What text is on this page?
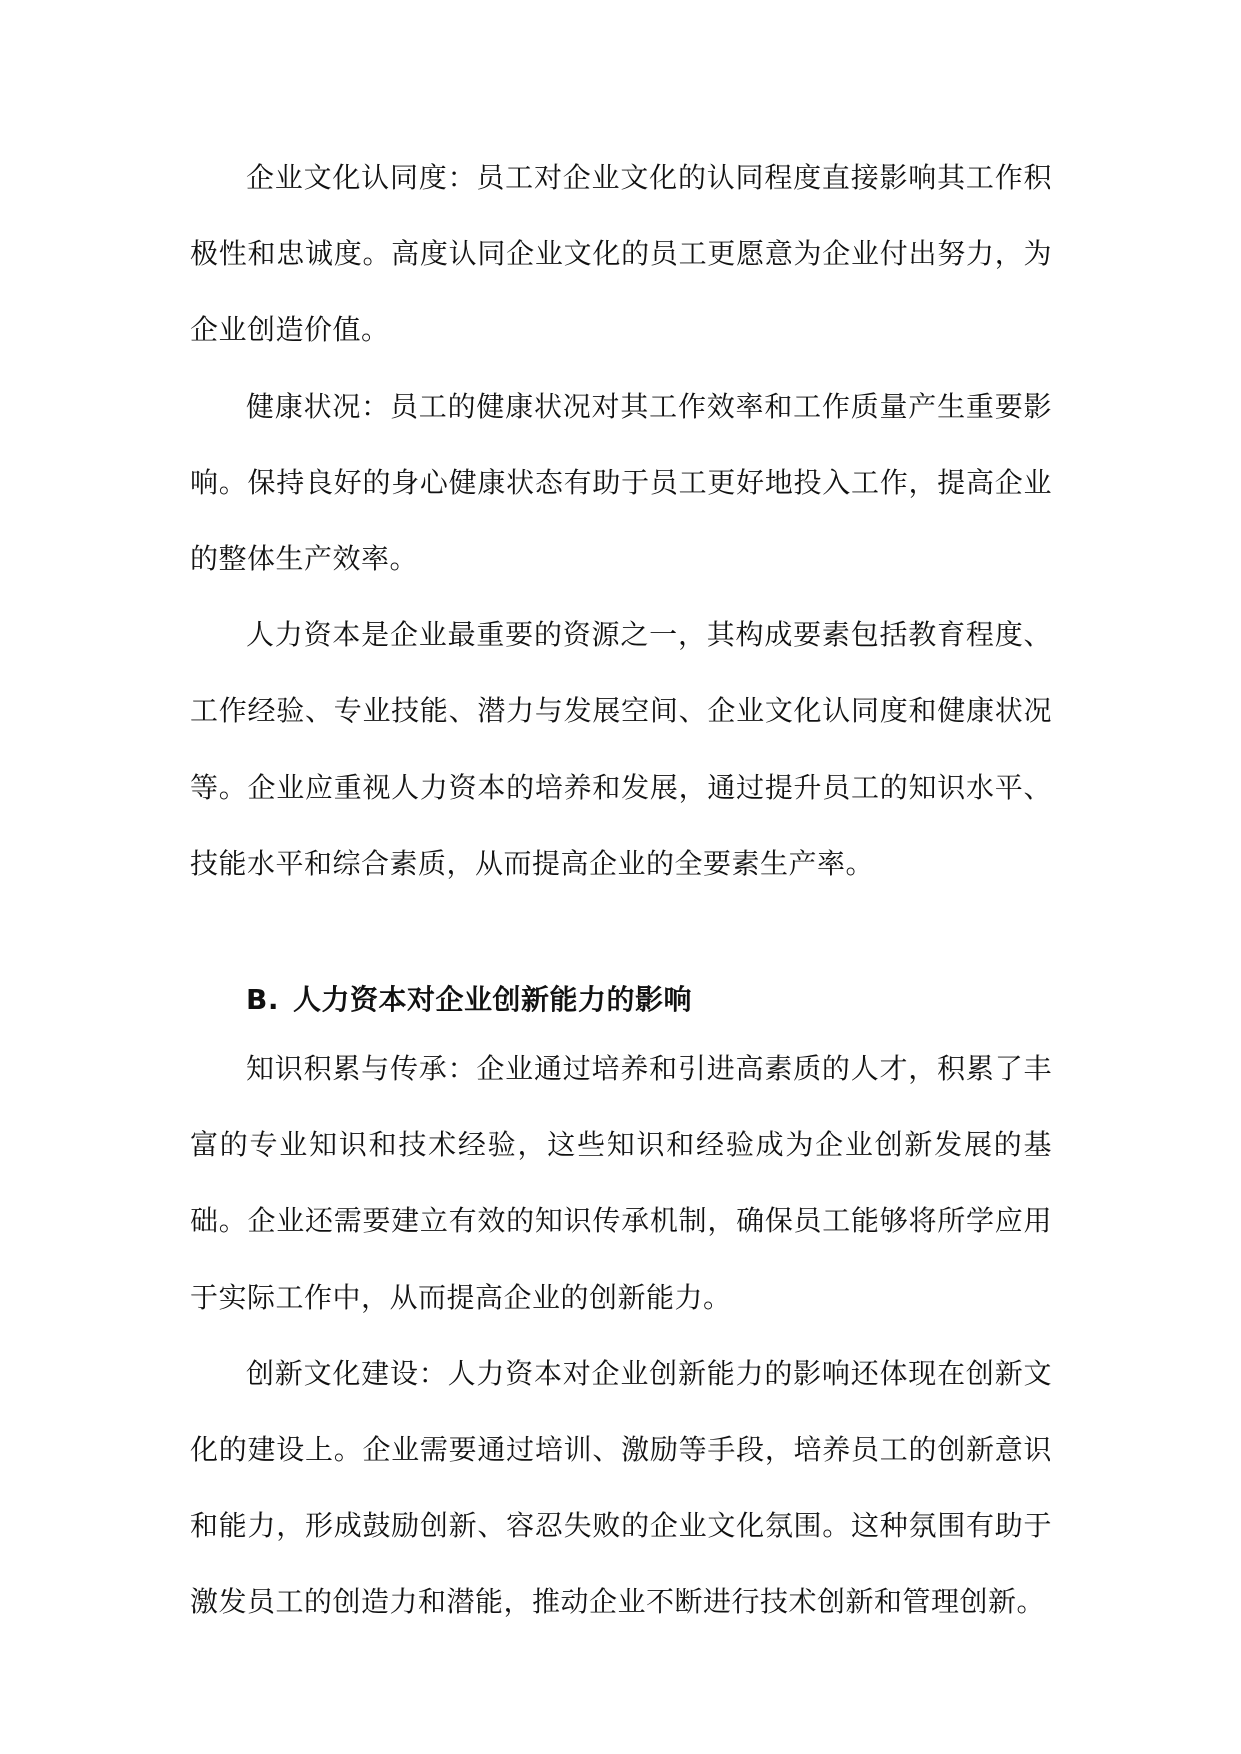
企业文化认同度：员工对企业文化的认同程度直接影响其工作积极性和忠诚度。高度认同企业文化的员工更愿意为企业付出努力，为企业创造价值。

健康状况：员工的健康状况对其工作效率和工作质量产生重要影响。保持良好的身心健康状态有助于员工更好地投入工作，提高企业的整体生产效率。

人力资本是企业最重要的资源之一，其构成要素包括教育程度、工作经验、专业技能、潜力与发展空间、企业文化认同度和健康状况等。企业应重视人力资本的培养和发展，通过提升员工的知识水平、技能水平和综合素质，从而提高企业的全要素生产率。

B. 人力资本对企业创新能力的影响

知识积累与传承：企业通过培养和引进高素质的人才，积累了丰富的专业知识和技术经验，这些知识和经验成为企业创新发展的基础。企业还需要建立有效的知识传承机制，确保员工能够将所学应用于实际工作中，从而提高企业的创新能力。

创新文化建设：人力资本对企业创新能力的影响还体现在创新文化的建设上。企业需要通过培训、激励等手段，培养员工的创新意识和能力，形成鼓励创新、容忍失败的企业文化氛围。这种氛围有助于激发员工的创造力和潜能，推动企业不断进行技术创新和管理创新。
